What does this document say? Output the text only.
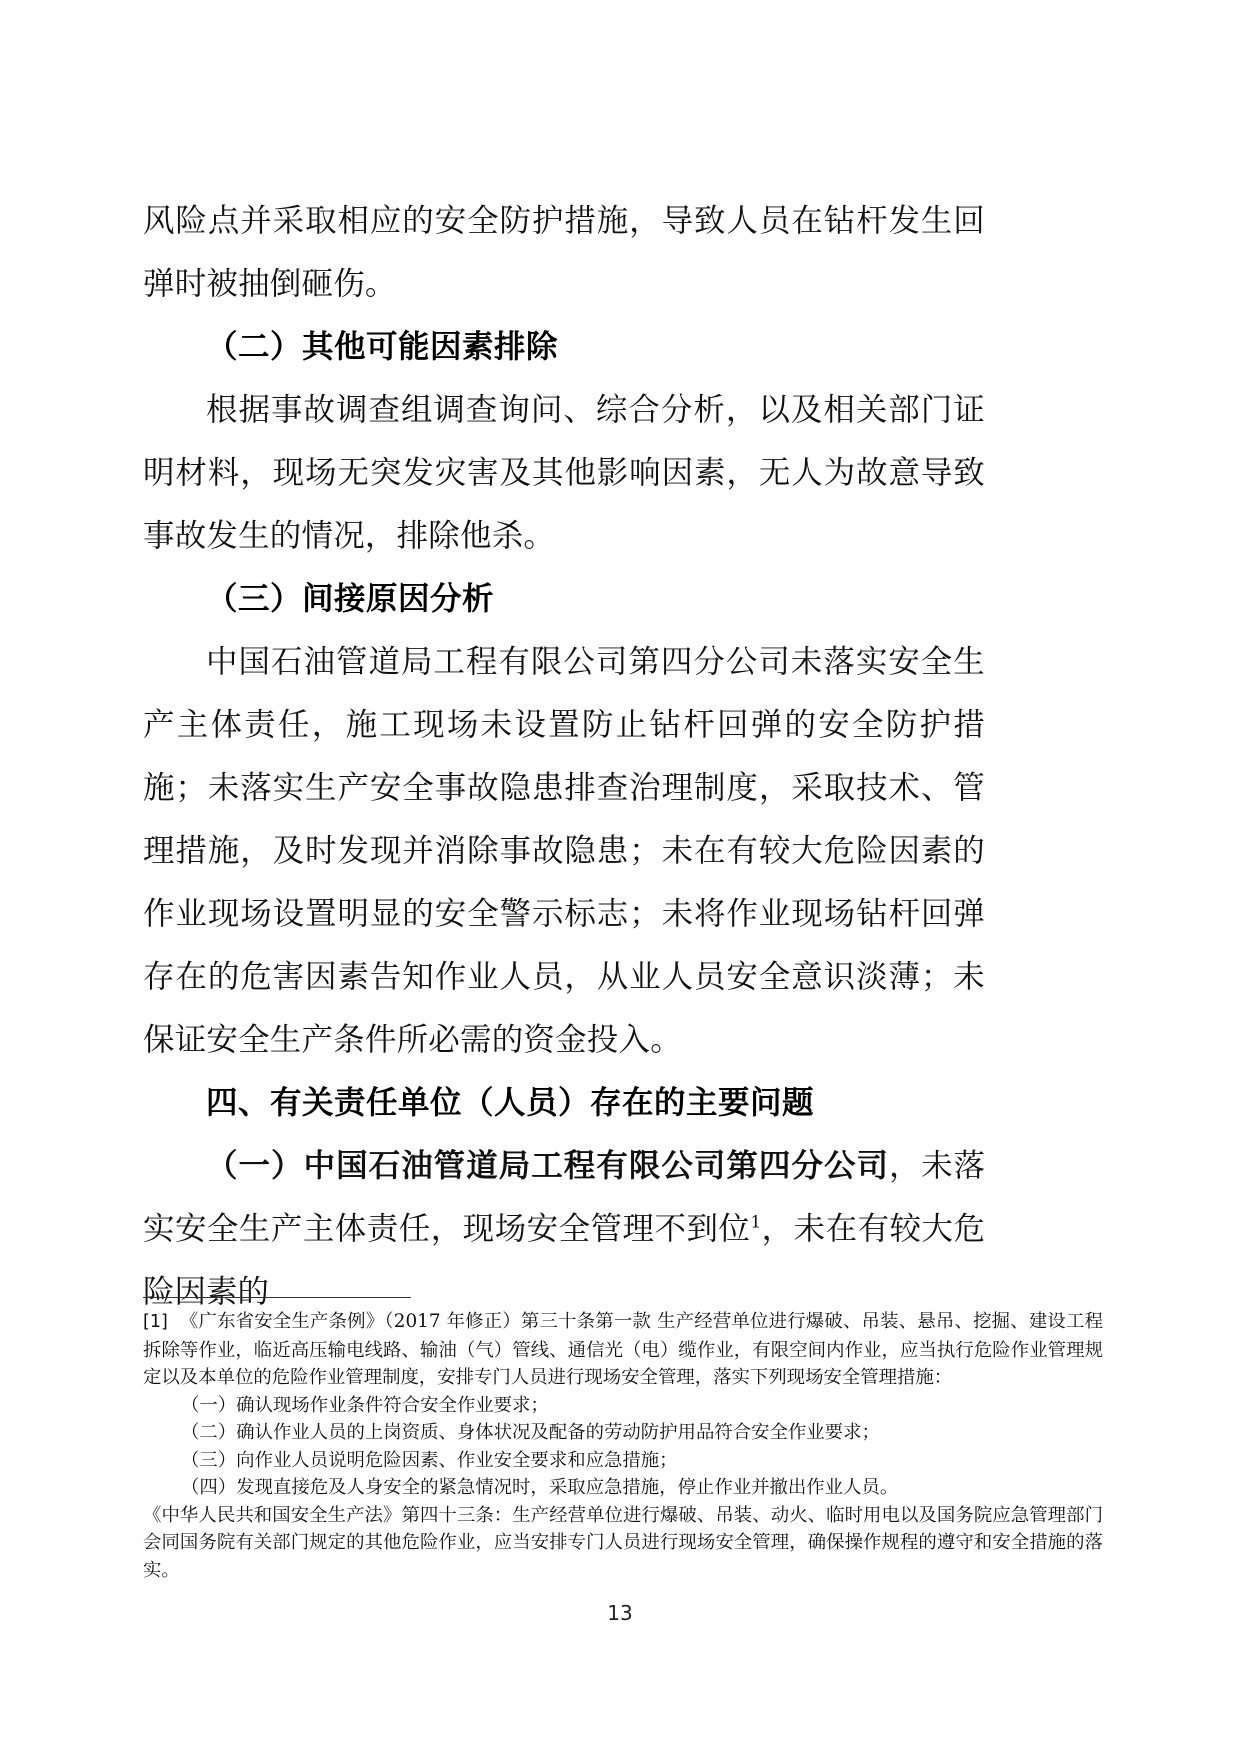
风险点并采取相应的安全防护措施，导致人员在钻杆发生回弹时被抽倒砸伤。

（二）其他可能因素排除

根据事故调查组调查询问、综合分析，以及相关部门证明材料，现场无突发灾害及其他影响因素，无人为故意导致事故发生的情况，排除他杀。

（三）间接原因分析

中国石油管道局工程有限公司第四分公司未落实安全生产主体责任，施工现场未设置防止钻杆回弹的安全防护措施；未落实生产安全事故隐患排查治理制度，采取技术、管理措施，及时发现并消除事故隐患；未在有较大危险因素的作业现场设置明显的安全警示标志；未将作业现场钻杆回弹存在的危害因素告知作业人员，从业人员安全意识淡薄；未保证安全生产条件所必需的资金投入。

四、有关责任单位（人员）存在的主要问题

（一）中国石油管道局工程有限公司第四分公司，未落实安全生产主体责任，现场安全管理不到位$^1$，未在有较大危险因素的

[1] 《广东省安全生产条例》（2017 年修正）第三十条第一款 生产经营单位进行爆破、吊装、悬吊、挖掘、建设工程拆除等作业，临近高压输电线路、输油（气）管线、通信光（电）缆作业，有限空间内作业，应当执行危险作业管理规定以及本单位的危险作业管理制度，安排专门人员进行现场安全管理，落实下列现场安全管理措施：

（一）确认现场作业条件符合安全作业要求；

（二）确认作业人员的上岗资质、身体状况及配备的劳动防护用品符合安全作业要求；

（三）向作业人员说明危险因素、作业安全要求和应急措施；

（四）发现直接危及人身安全的紧急情况时，采取应急措施，停止作业并撤出作业人员。

《中华人民共和国安全生产法》第四十三条：生产经营单位进行爆破、吊装、动火、临时用电以及国务院应急管理部门会同国务院有关部门规定的其他危险作业，应当安排专门人员进行现场安全管理，确保操作规程的遵守和安全措施的落实。

13
